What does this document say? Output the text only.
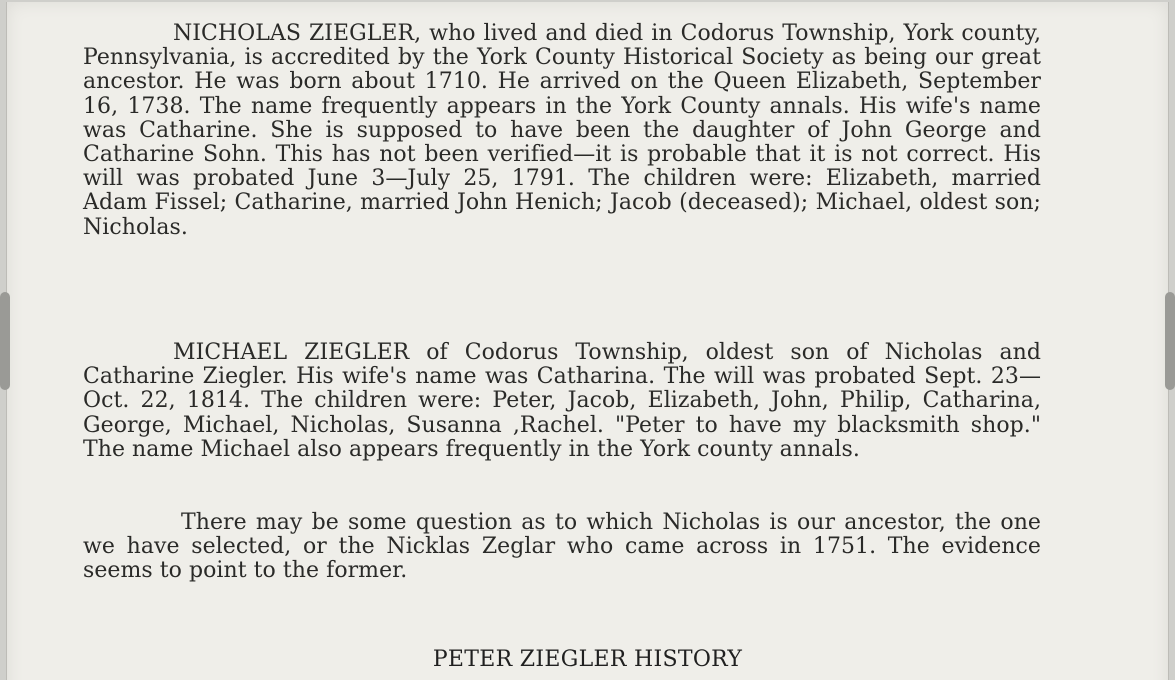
NICHOLAS ZIEGLER, who lived and died in Codorus Township, York county, Pennsylvania, is accredited by the York County Historical Society as being our great ancestor. He was born about 1710. He arrived on the Queen Elizabeth, September 16, 1738. The name frequently appears in the York County annals. His wife's name was Catharine. She is supposed to have been the daughter of John George and Catharine Sohn. This has not been verified—it is probable that it is not correct. His will was probated June 3—July 25, 1791. The children were: Elizabeth, married Adam Fissel; Catharine, married John Henich; Jacob (deceased); Michael, oldest son; Nicholas.

MICHAEL ZIEGLER of Codorus Township, oldest son of Nicholas and Catharine Ziegler. His wife's name was Catharina. The will was probated Sept. 23—Oct. 22, 1814. The children were: Peter, Jacob, Elizabeth, John, Philip, Catharina, George, Michael, Nicholas, Susanna ,Rachel. "Peter to have my blacksmith shop." The name Michael also appears frequently in the York county annals.

There may be some question as to which Nicholas is our ancestor, the one we have selected, or the Nicklas Zeglar who came across in 1751. The evidence seems to point to the former.

PETER ZIEGLER HISTORY
